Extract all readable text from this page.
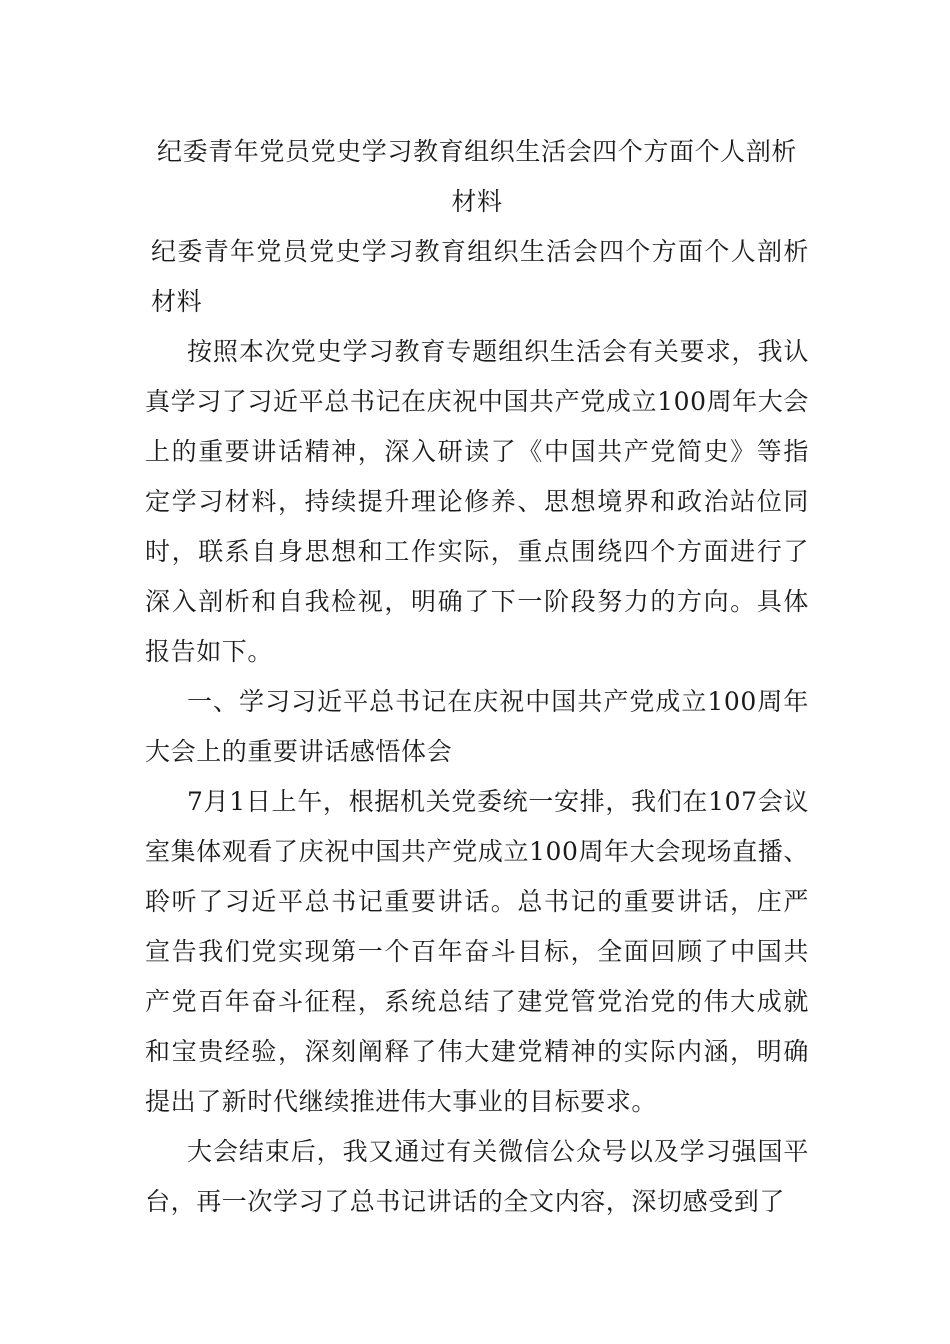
纪委青年党员党史学习教育组织生活会四个方面个人剖析

材料

纪委青年党员党史学习教育组织生活会四个方面个人剖析材料

按照本次党史学习教育专题组织生活会有关要求，我认真学习了习近平总书记在庆祝中国共产党成立100周年大会上的重要讲话精神，深入研读了《中国共产党简史》等指定学习材料，持续提升理论修养、思想境界和政治站位同时，联系自身思想和工作实际，重点围绕四个方面进行了深入剖析和自我检视，明确了下一阶段努力的方向。具体报告如下。

一、学习习近平总书记在庆祝中国共产党成立100周年大会上的重要讲话感悟体会

7月1日上午，根据机关党委统一安排，我们在107会议室集体观看了庆祝中国共产党成立100周年大会现场直播、聆听了习近平总书记重要讲话。总书记的重要讲话，庄严宣告我们党实现第一个百年奋斗目标，全面回顾了中国共产党百年奋斗征程，系统总结了建党管党治党的伟大成就和宝贵经验，深刻阐释了伟大建党精神的实际内涵，明确提出了新时代继续推进伟大事业的目标要求。

大会结束后，我又通过有关微信公众号以及学习强国平台，再一次学习了总书记讲话的全文内容，深切感受到了
